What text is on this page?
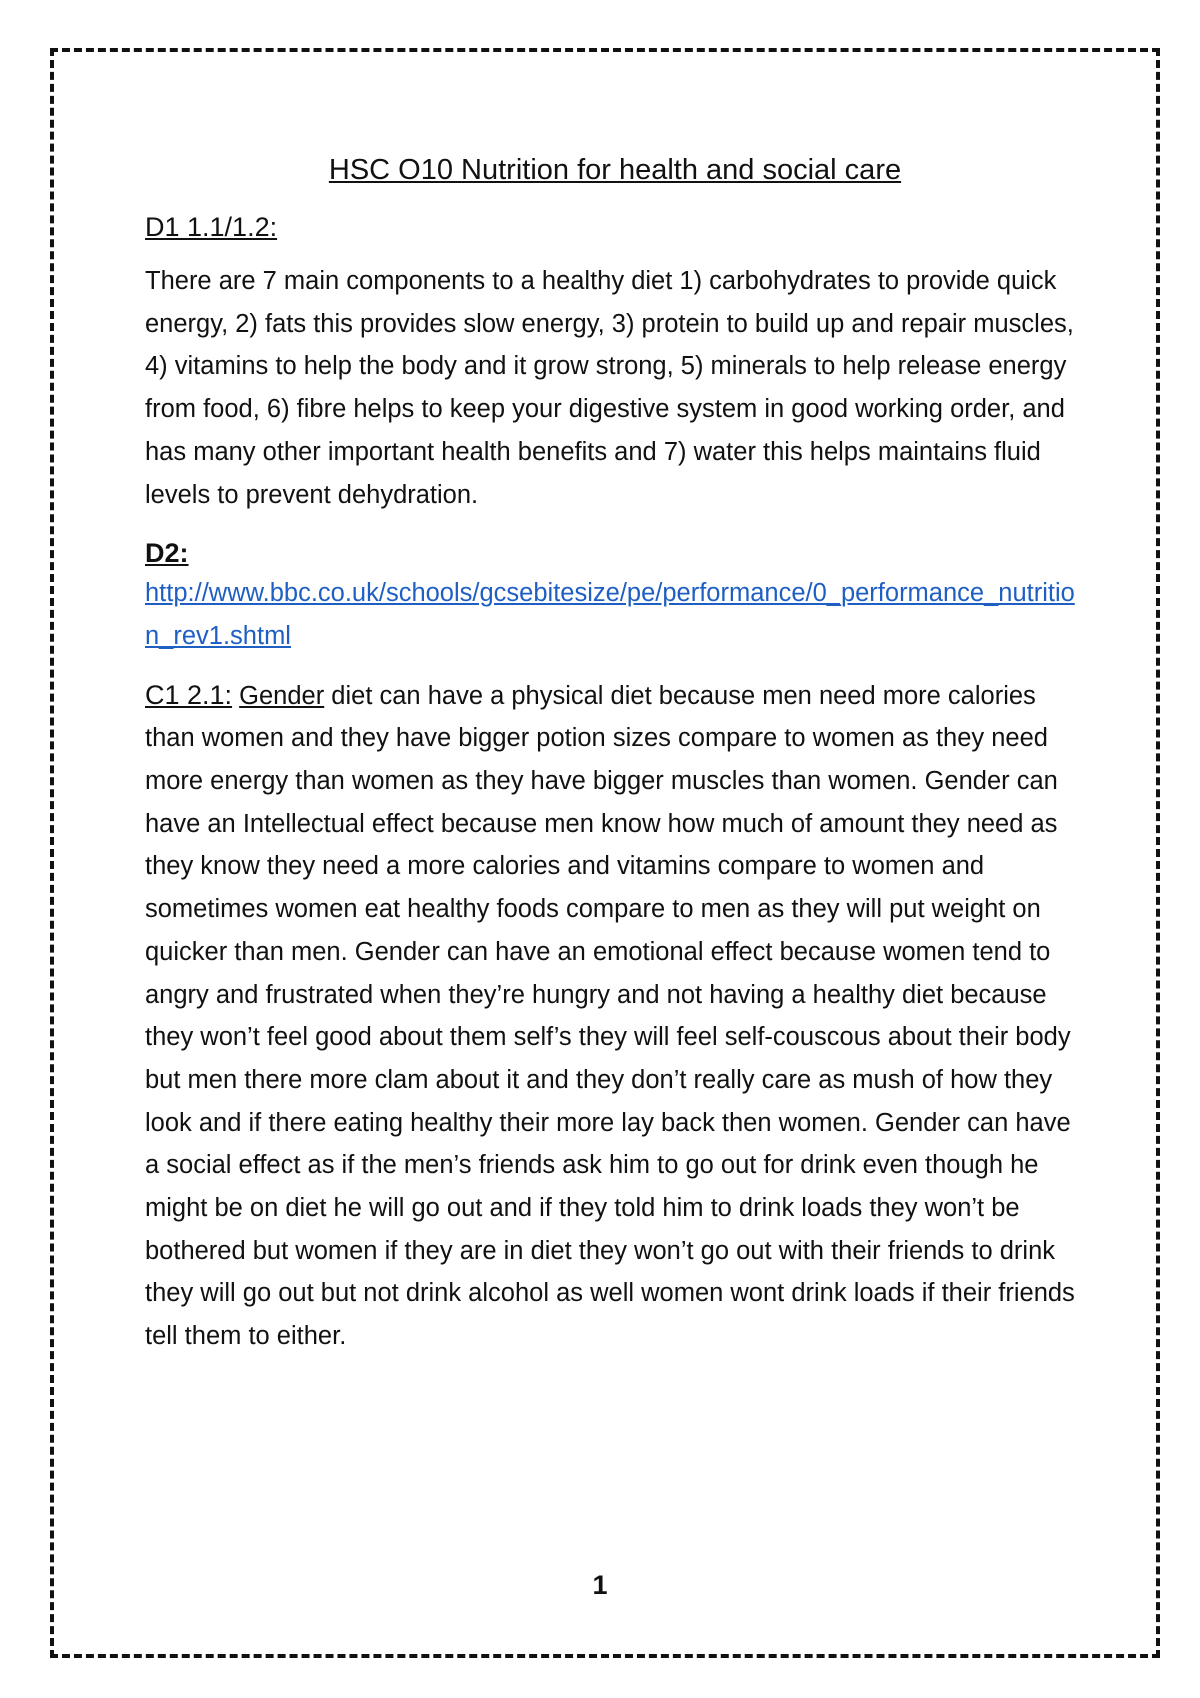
HSC O10 Nutrition for health and social care
D1 1.1/1.2:

There are 7 main components to a healthy diet 1) carbohydrates to provide quick energy, 2) fats this provides slow energy, 3) protein to build up and repair muscles, 4) vitamins to help the body and it grow strong, 5) minerals to help release energy from food, 6) fibre helps to keep your digestive system in good working order, and has many other important health benefits and 7) water this helps maintains fluid levels to prevent dehydration.

D2:
http://www.bbc.co.uk/schools/gcsebitesize/pe/performance/0_performance_nutrition_rev1.shtml

C1 2.1: Gender diet can have a physical diet because men need more calories than women and they have bigger potion sizes compare to women as they need more energy than women as they have bigger muscles than women. Gender can have an Intellectual effect because men know how much of amount they need as they know they need a more calories and vitamins compare to women and sometimes women eat healthy foods compare to men as they will put weight on quicker than men. Gender can have an emotional effect because women tend to angry and frustrated when they’re hungry and not having a healthy diet because they won’t feel good about them self’s they will feel self-couscous about their body but men there more clam about it and they don’t really care as mush of how they look and if there eating healthy their more lay back then women. Gender can have a social effect as if the men’s friends ask him to go out for drink even though he might be on diet he will go out and if they told him to drink loads they won’t be bothered but women if they are in diet they won’t go out with their friends to drink they will go out but not drink alcohol as well women wont drink loads if their friends tell them to either.

1
